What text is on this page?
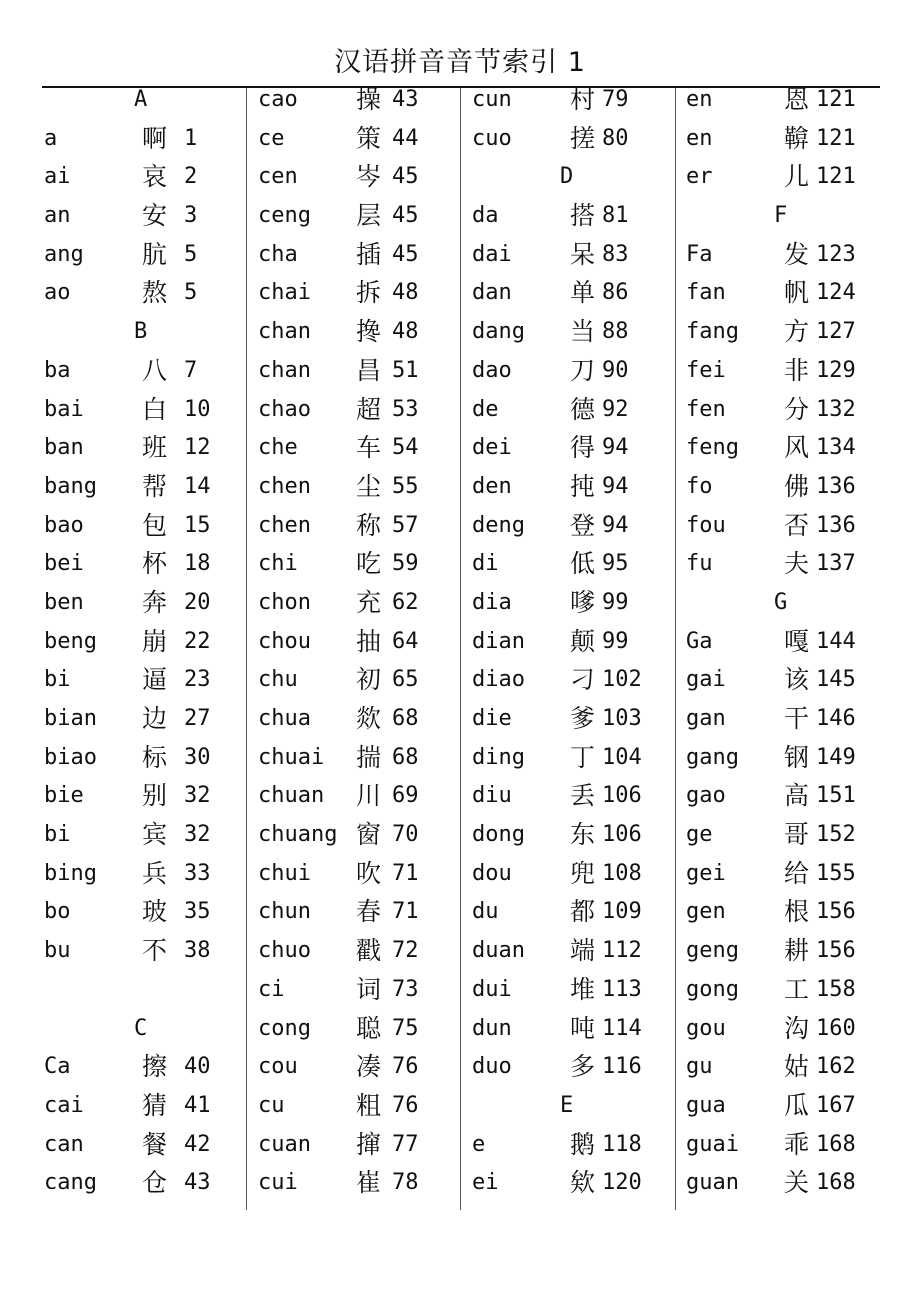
汉语拼音音节索引 1
A
a	啊 1
ai	哀 2
an	安 3
ang 肮 5
ao	熬 5
B
ba	八 7
bai 白 10
ban 班 12
bang 帮 14
bao 包 15
bei 杯 18
ben 奔 20
beng 崩 22
bi	逼 23
bian 边 27
biao 标 30
bie 别 32
bi	宾 32
bing 兵 33
bo	玻 35
bu	不 38
C
Ca	擦 40
cai 猜 41
can 餐 42
cang 仓 43
cao 操 43
ce	策 44
cen 岑 45
ceng 层 45
cha 插 45
chai 拆 48
chan 搀 48
chan 昌 51
chao 超 53
che 车 54
chen 尘 55
chen 称 57
chi 吃 59
chon 充 62
chou 抽 64
chu 初 65
chua 欻 68
chuai 揣 68
chuan 川 69
chuang 窗 70
chui 吹 71
chun 春 71
chuo 戳 72
ci	词 73
cong 聪 75
cou 凑 76
cu	粗 76
cuan 撺 77
cui 崔 78
cun 村 79
cuo 搓 80
D
da	搭 81
dai 呆 83
dan 单 86
dang 当 88
dao 刀 90
de	德 92
dei 得 94
den 扽 94
deng 登 94
di	低 95
dia 嗲 99
dian 颠 99
diao 刁 102
die 爹 103
ding 丁 104
diu 丢 106
dong 东 106
dou 兜 108
du	都 109
duan 端 112
dui 堆 113
dun 吨 114
duo 多 116
E
e	鹅 118
ei	欸 120
en	恩 121
en	鞥 121
er	儿 121
F
Fa	发 123
fan 帆 124
fang 方 127
fei 非 129
fen 分 132
feng 风 134
fo	佛 136
fou 否 136
fu	夫 137
G
Ga	嘎 144
gai 该 145
gan 干 146
gang 钢 149
gao 高 151
ge	哥 152
gei 给 155
gen 根 156
geng 耕 156
gong 工 158
gou 沟 160
gu	姑 162
gua 瓜 167
guai 乖 168
guan 关 168
